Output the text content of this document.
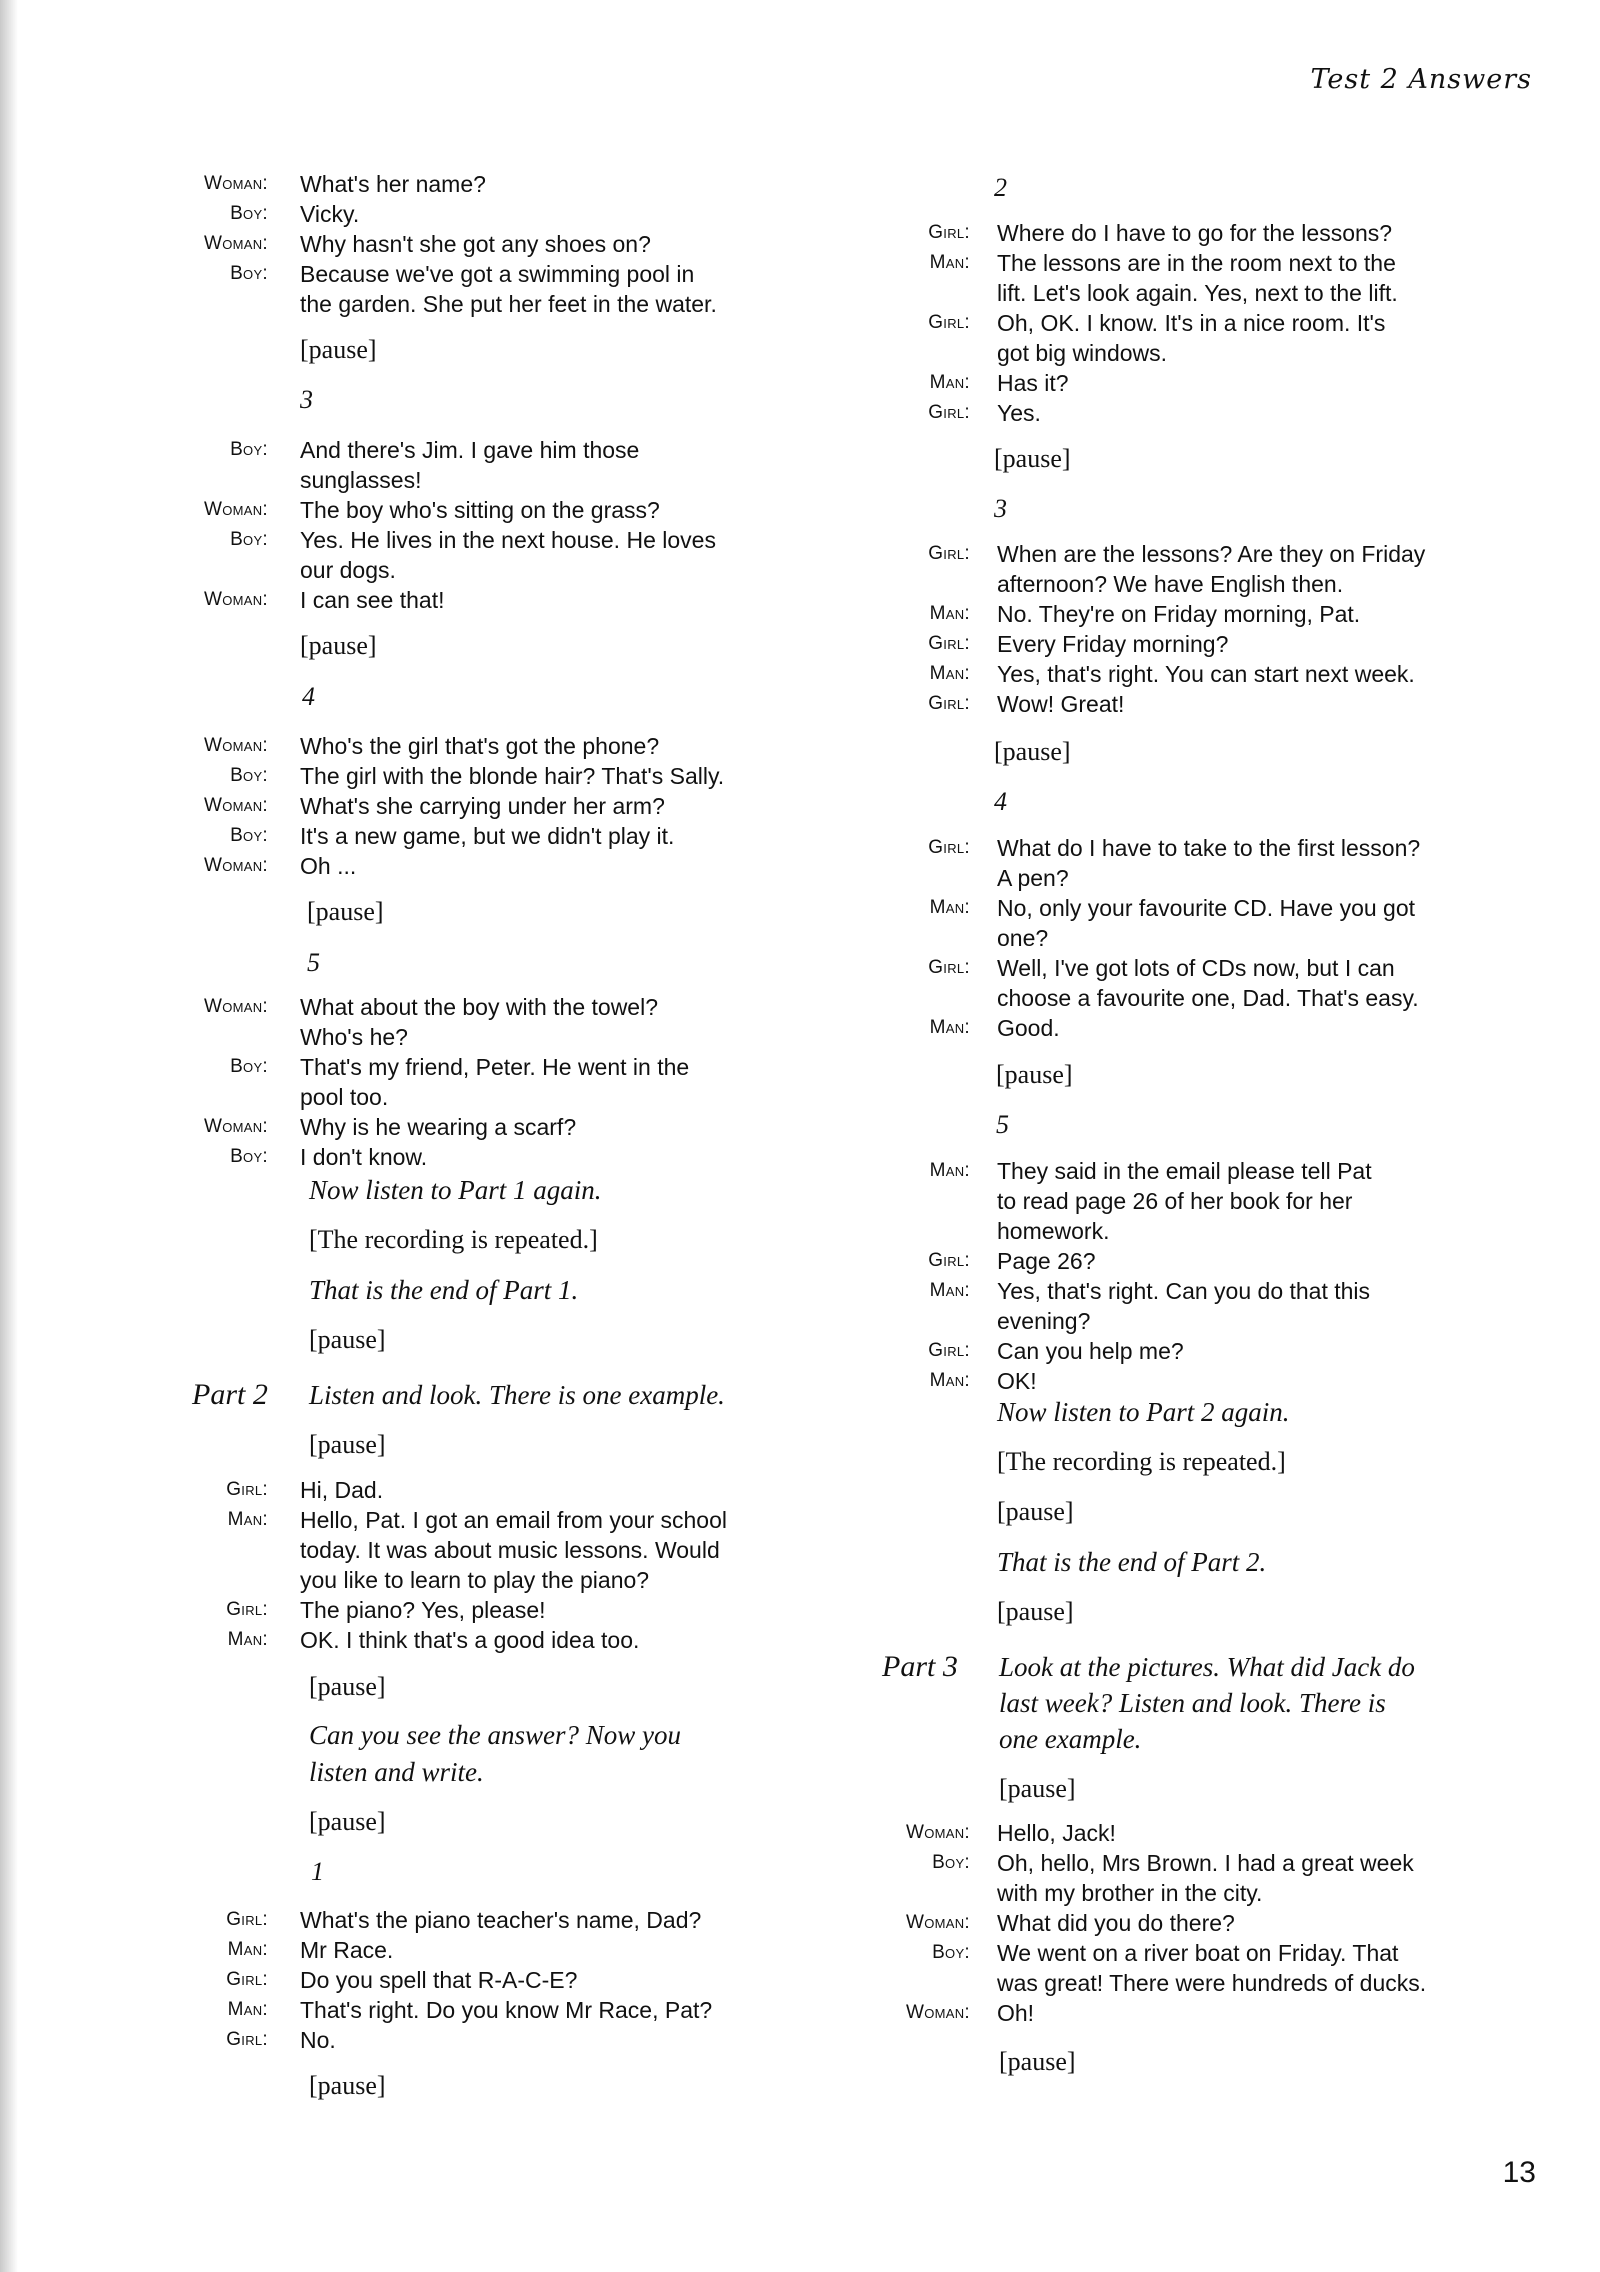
Test 2 Answers
Woman: What's her name?
Boy: Vicky.
Woman: Why hasn't she got any shoes on?
Boy: Because we've got a swimming pool in
the garden. She put her feet in the water.
[pause]
3
Boy: And there's Jim. I gave him those
sunglasses!
Woman: The boy who's sitting on the grass?
Boy: Yes. He lives in the next house. He loves
our dogs.
Woman: I can see that!
[pause]
4
Woman: Who's the girl that's got the phone?
Boy: The girl with the blonde hair? That's Sally.
Woman: What's she carrying under her arm?
Boy: It's a new game, but we didn't play it.
Woman: Oh ...
[pause]
5
Woman: What about the boy with the towel?
Who's he?
Boy: That's my friend, Peter. He went in the
pool too.
Woman: Why is he wearing a scarf?
Boy: I don't know.
Now listen to Part 1 again.
[The recording is repeated.]
That is the end of Part 1.
[pause]
Part 2 Listen and look. There is one example.
[pause]
Girl: Hi, Dad.
Man: Hello, Pat. I got an email from your school
today. It was about music lessons. Would
you like to learn to play the piano?
Girl: The piano? Yes, please!
Man: OK. I think that's a good idea too.
[pause]
Can you see the answer? Now you
listen and write.
[pause]
1
Girl: What's the piano teacher's name, Dad?
Man: Mr Race.
Girl: Do you spell that R-A-C-E?
Man: That's right. Do you know Mr Race, Pat?
Girl: No.
[pause]
2
Girl: Where do I have to go for the lessons?
Man: The lessons are in the room next to the
lift. Let's look again. Yes, next to the lift.
Girl: Oh, OK. I know. It's in a nice room. It's
got big windows.
Man: Has it?
Girl: Yes.
[pause]
3
Girl: When are the lessons? Are they on Friday
afternoon? We have English then.
Man: No. They're on Friday morning, Pat.
Girl: Every Friday morning?
Man: Yes, that's right. You can start next week.
Girl: Wow! Great!
[pause]
4
Girl: What do I have to take to the first lesson?
A pen?
Man: No, only your favourite CD. Have you got
one?
Girl: Well, I've got lots of CDs now, but I can
choose a favourite one, Dad. That's easy.
Man: Good.
[pause]
5
Man: They said in the email please tell Pat
to read page 26 of her book for her
homework.
Girl: Page 26?
Man: Yes, that's right. Can you do that this
evening?
Girl: Can you help me?
Man: OK!
Now listen to Part 2 again.
[The recording is repeated.]
[pause]
That is the end of Part 2.
[pause]
Part 3 Look at the pictures. What did Jack do
last week? Listen and look. There is
one example.
[pause]
Woman: Hello, Jack!
Boy: Oh, hello, Mrs Brown. I had a great week
with my brother in the city.
Woman: What did you do there?
Boy: We went on a river boat on Friday. That
was great! There were hundreds of ducks.
Woman: Oh!
[pause]
13
